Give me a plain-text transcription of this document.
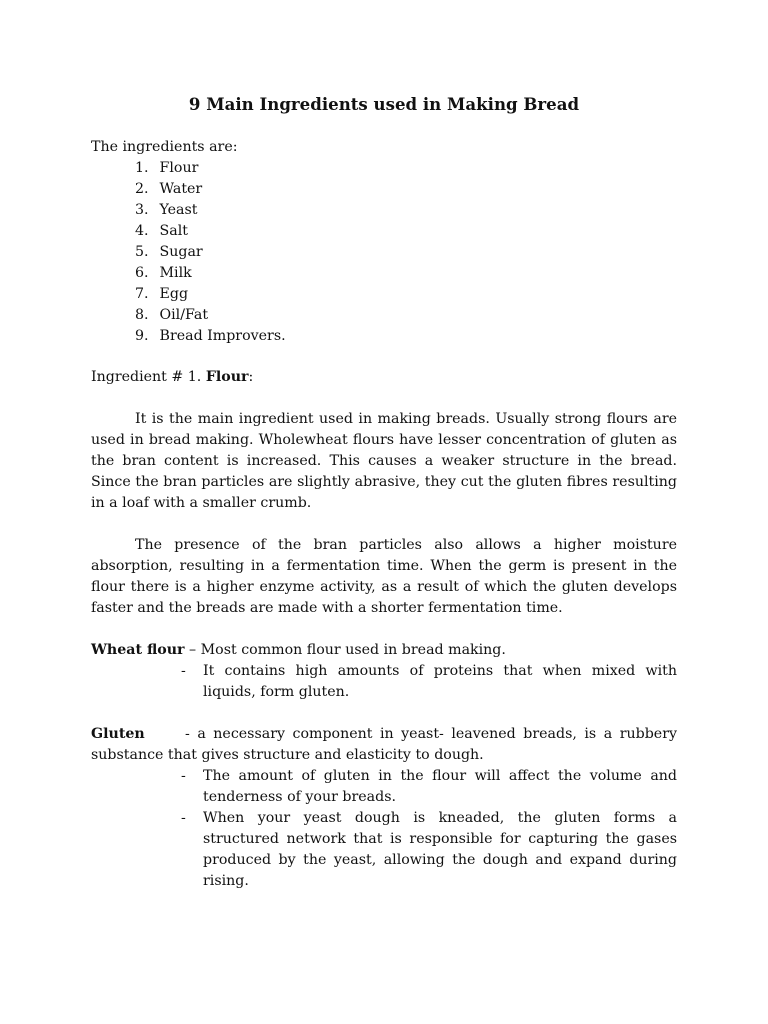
9 Main Ingredients used in Making Bread
The ingredients are:
1. Flour
2. Water
3. Yeast
4. Salt
5. Sugar
6. Milk
7. Egg
8. Oil/Fat
9. Bread Improvers.
Ingredient # 1. Flour:

It is the main ingredient used in making breads. Usually strong flours are used in bread making. Wholewheat flours have lesser concentration of gluten as the bran content is increased. This causes a weaker structure in the bread. Since the bran particles are slightly abrasive, they cut the gluten fibres resulting in a loaf with a smaller crumb.

The presence of the bran particles also allows a higher moisture absorption, resulting in a fermentation time. When the germ is present in the flour there is a higher enzyme activity, as a result of which the gluten develops faster and the breads are made with a shorter fermentation time.

Wheat flour – Most common flour used in bread making.
- It contains high amounts of proteins that when mixed with liquids, form gluten.
Gluten	- a necessary component in yeast- leavened breads, is a rubbery substance that gives structure and elasticity to dough.
- The amount of gluten in the flour will affect the volume and tenderness of your breads.
- When your yeast dough is kneaded, the gluten forms a structured network that is responsible for capturing the gases produced by the yeast, allowing the dough and expand during rising.
